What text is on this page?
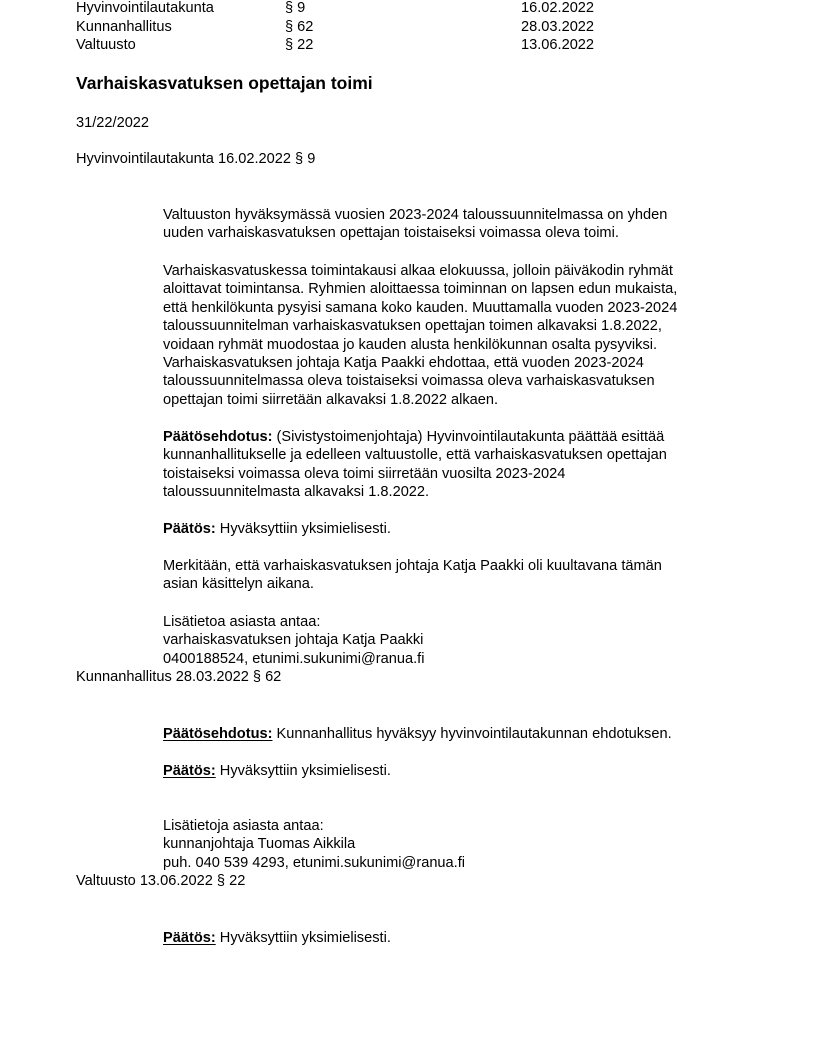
Hyvinvointilautakunta	§ 9	16.02.2022
Kunnanhallitus	§ 62	28.03.2022
Valtuusto	§ 22	13.06.2022
Varhaiskasvatuksen opettajan toimi
31/22/2022
Hyvinvointilautakunta 16.02.2022 § 9

Valtuuston hyväksymässä vuosien 2023-2024 taloussuunnitelmassa on yhden

uuden varhaiskasvatuksen opettajan toistaiseksi voimassa oleva toimi.

Varhaiskasvatuskessa toimintakausi alkaa elokuussa, jolloin päiväkodin ryhmät

aloittavat toimintansa. Ryhmien aloittaessa toiminnan on lapsen edun mukaista,

että henkilökunta pysyisi samana koko kauden. Muuttamalla vuoden 2023-2024

taloussuunnitelman varhaiskasvatuksen opettajan toimen alkavaksi 1.8.2022,

voidaan ryhmät muodostaa jo kauden alusta henkilökunnan osalta pysyviksi.

Varhaiskasvatuksen johtaja Katja Paakki ehdottaa, että vuoden 2023-2024

taloussuunnitelmassa oleva toistaiseksi voimassa oleva varhaiskasvatuksen

opettajan toimi siirretään alkavaksi 1.8.2022 alkaen.

Päätösehdotus: (Sivistystoimenjohtaja) Hyvinvointilautakunta päättää esittää

kunnanhallitukselle ja edelleen valtuustolle, että varhaiskasvatuksen opettajan

toistaiseksi voimassa oleva toimi siirretään vuosilta 2023-2024

taloussuunnitelmasta alkavaksi 1.8.2022.

Päätös: Hyväksyttiin yksimielisesti.

Merkitään, että varhaiskasvatuksen johtaja Katja Paakki oli kuultavana tämän

asian käsittelyn aikana.

Lisätietoa asiasta antaa:

varhaiskasvatuksen johtaja Katja Paakki

0400188524, etunimi.sukunimi@ranua.fi

Kunnanhallitus 28.03.2022 § 62

Päätösehdotus: Kunnanhallitus hyväksyy hyvinvointilautakunnan ehdotuksen.

Päätös: Hyväksyttiin yksimielisesti.

Lisätietoja asiasta antaa:

kunnanjohtaja Tuomas Aikkila

puh. 040 539 4293, etunimi.sukunimi@ranua.fi

Valtuusto 13.06.2022 § 22

Päätös: Hyväksyttiin yksimielisesti.
